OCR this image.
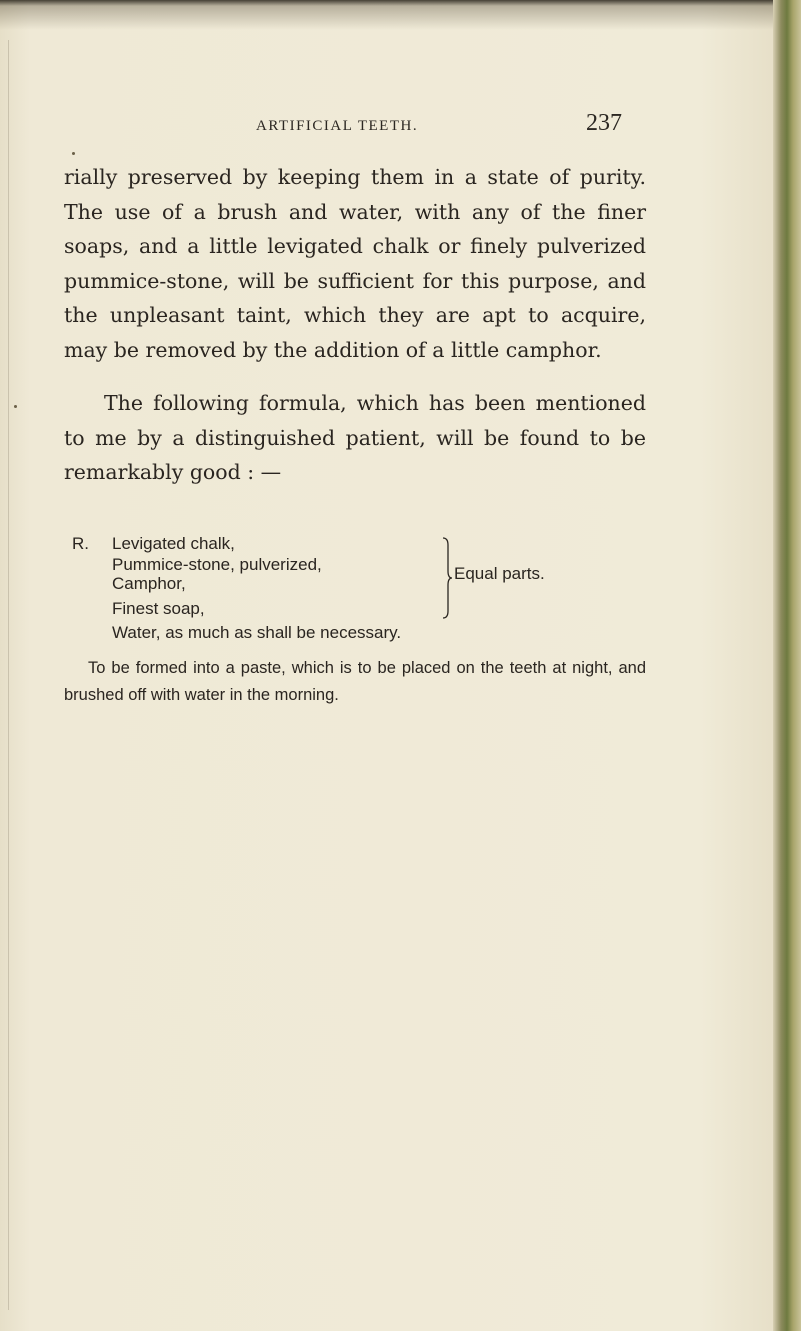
ARTIFICIAL TEETH.	237
rially preserved by keeping them in a state of purity. The use of a brush and water, with any of the finer soaps, and a little levigated chalk or finely pulverized pummice-stone, will be sufficient for this purpose, and the unpleasant taint, which they are apt to acquire, may be removed by the addition of a little camphor.
The following formula, which has been mentioned to me by a distinguished patient, will be found to be remarkably good : —
R. Levigated chalk,
Pummice-stone, pulverized,
Camphor,
Finest soap,
Water, as much as shall be necessary.
Equal parts.
To be formed into a paste, which is to be placed on the teeth at night, and brushed off with water in the morning.
